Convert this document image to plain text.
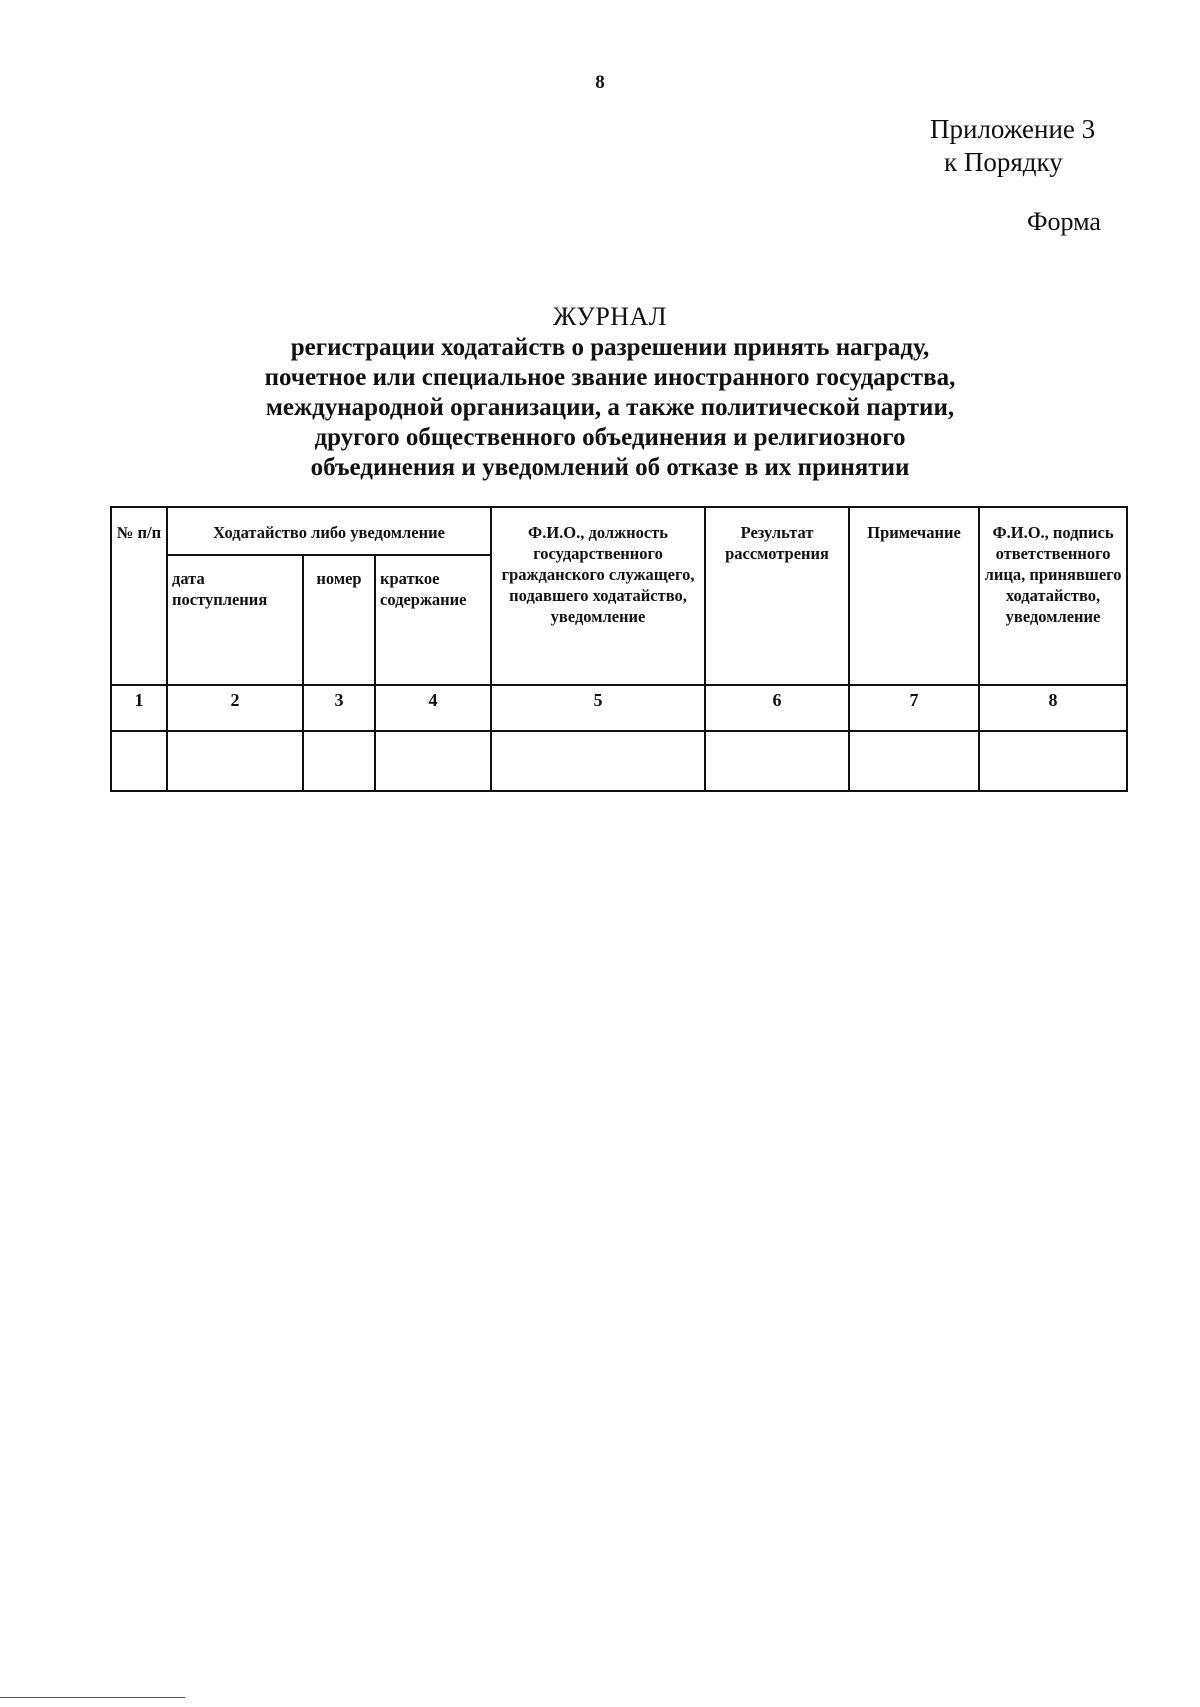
8
Приложение 3
к Порядку
Форма
ЖУРНАЛ
регистрации ходатайств о разрешении принять награду,
почетное или специальное звание иностранного государства,
международной организации, а также политической партии,
другого общественного объединения и религиозного
объединения и уведомлений об отказе в их принятии
№ п/п	Ходатайство либо уведомление			Ф.И.О., должность государственного гражданского служащего, подавшего ходатайство, уведомление	Результат рассмотрения	Примечание	Ф.И.О., подпись ответственного лица, принявшего ходатайство, уведомление
	дата поступления	номер	краткое содержание				
1	2	3	4	5	6	7	8
